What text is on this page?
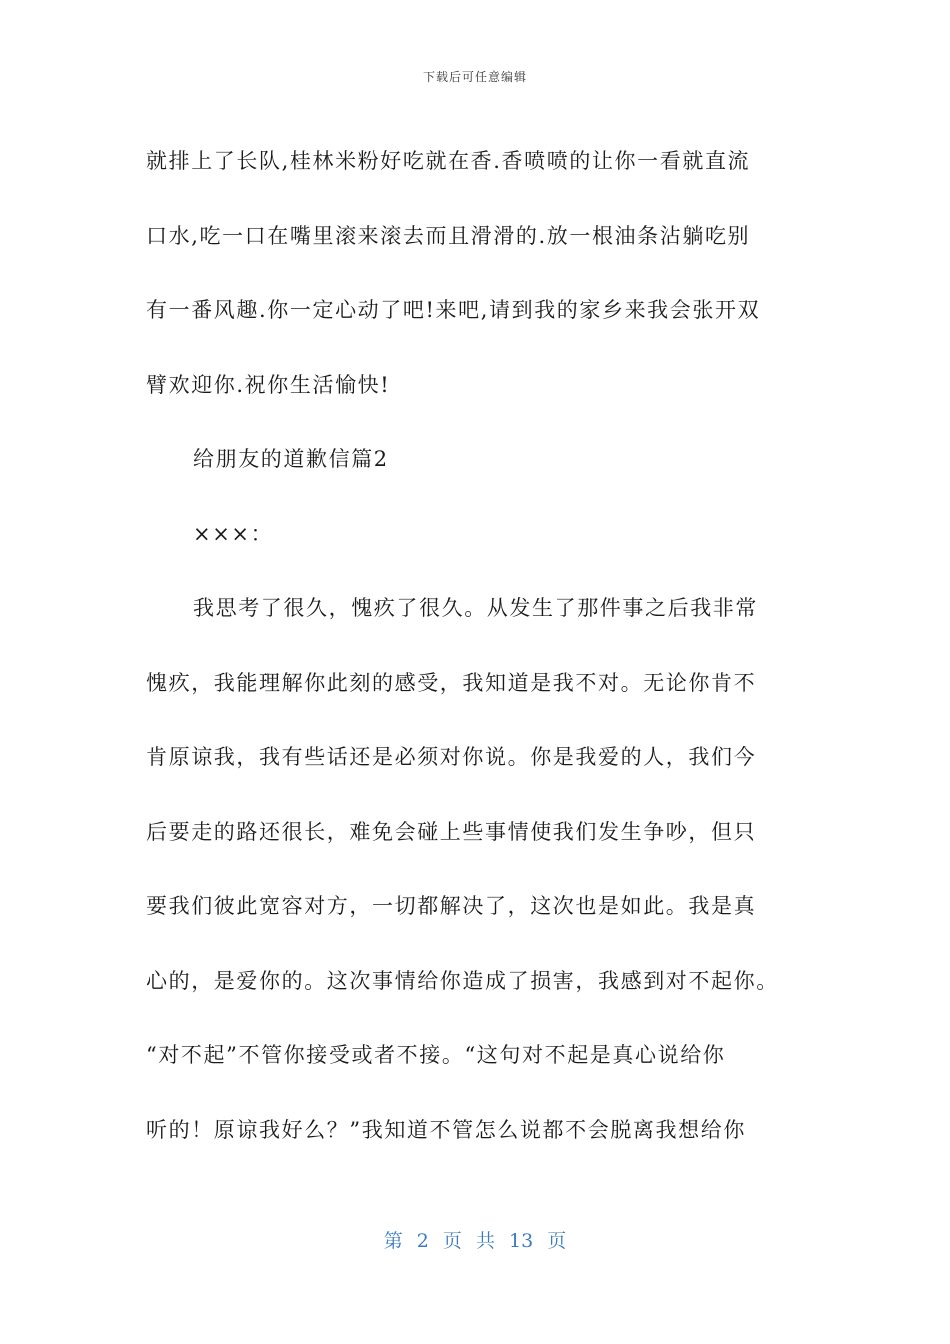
下载后可任意编辑
就排上了长队,桂林米粉好吃就在香.香喷喷的让你一看就直流
口水,吃一口在嘴里滚来滚去而且滑滑的.放一根油条沾躺吃别
有一番风趣.你一定心动了吧!来吧,请到我的家乡来我会张开双
臂欢迎你.祝你生活愉快!
给朋友的道歉信篇2
×××：
我思考了很久，愧疚了很久。从发生了那件事之后我非常
愧疚，我能理解你此刻的感受，我知道是我不对。无论你肯不
肯原谅我，我有些话还是必须对你说。你是我爱的人，我们今
后要走的路还很长，难免会碰上些事情使我们发生争吵，但只
要我们彼此宽容对方，一切都解决了，这次也是如此。我是真
心的，是爱你的。这次事情给你造成了损害，我感到对不起你。
“对不起”不管你接受或者不接。“这句对不起是真心说给你
听的！原谅我好么？”我知道不管怎么说都不会脱离我想给你
第 2 页 共 13 页
